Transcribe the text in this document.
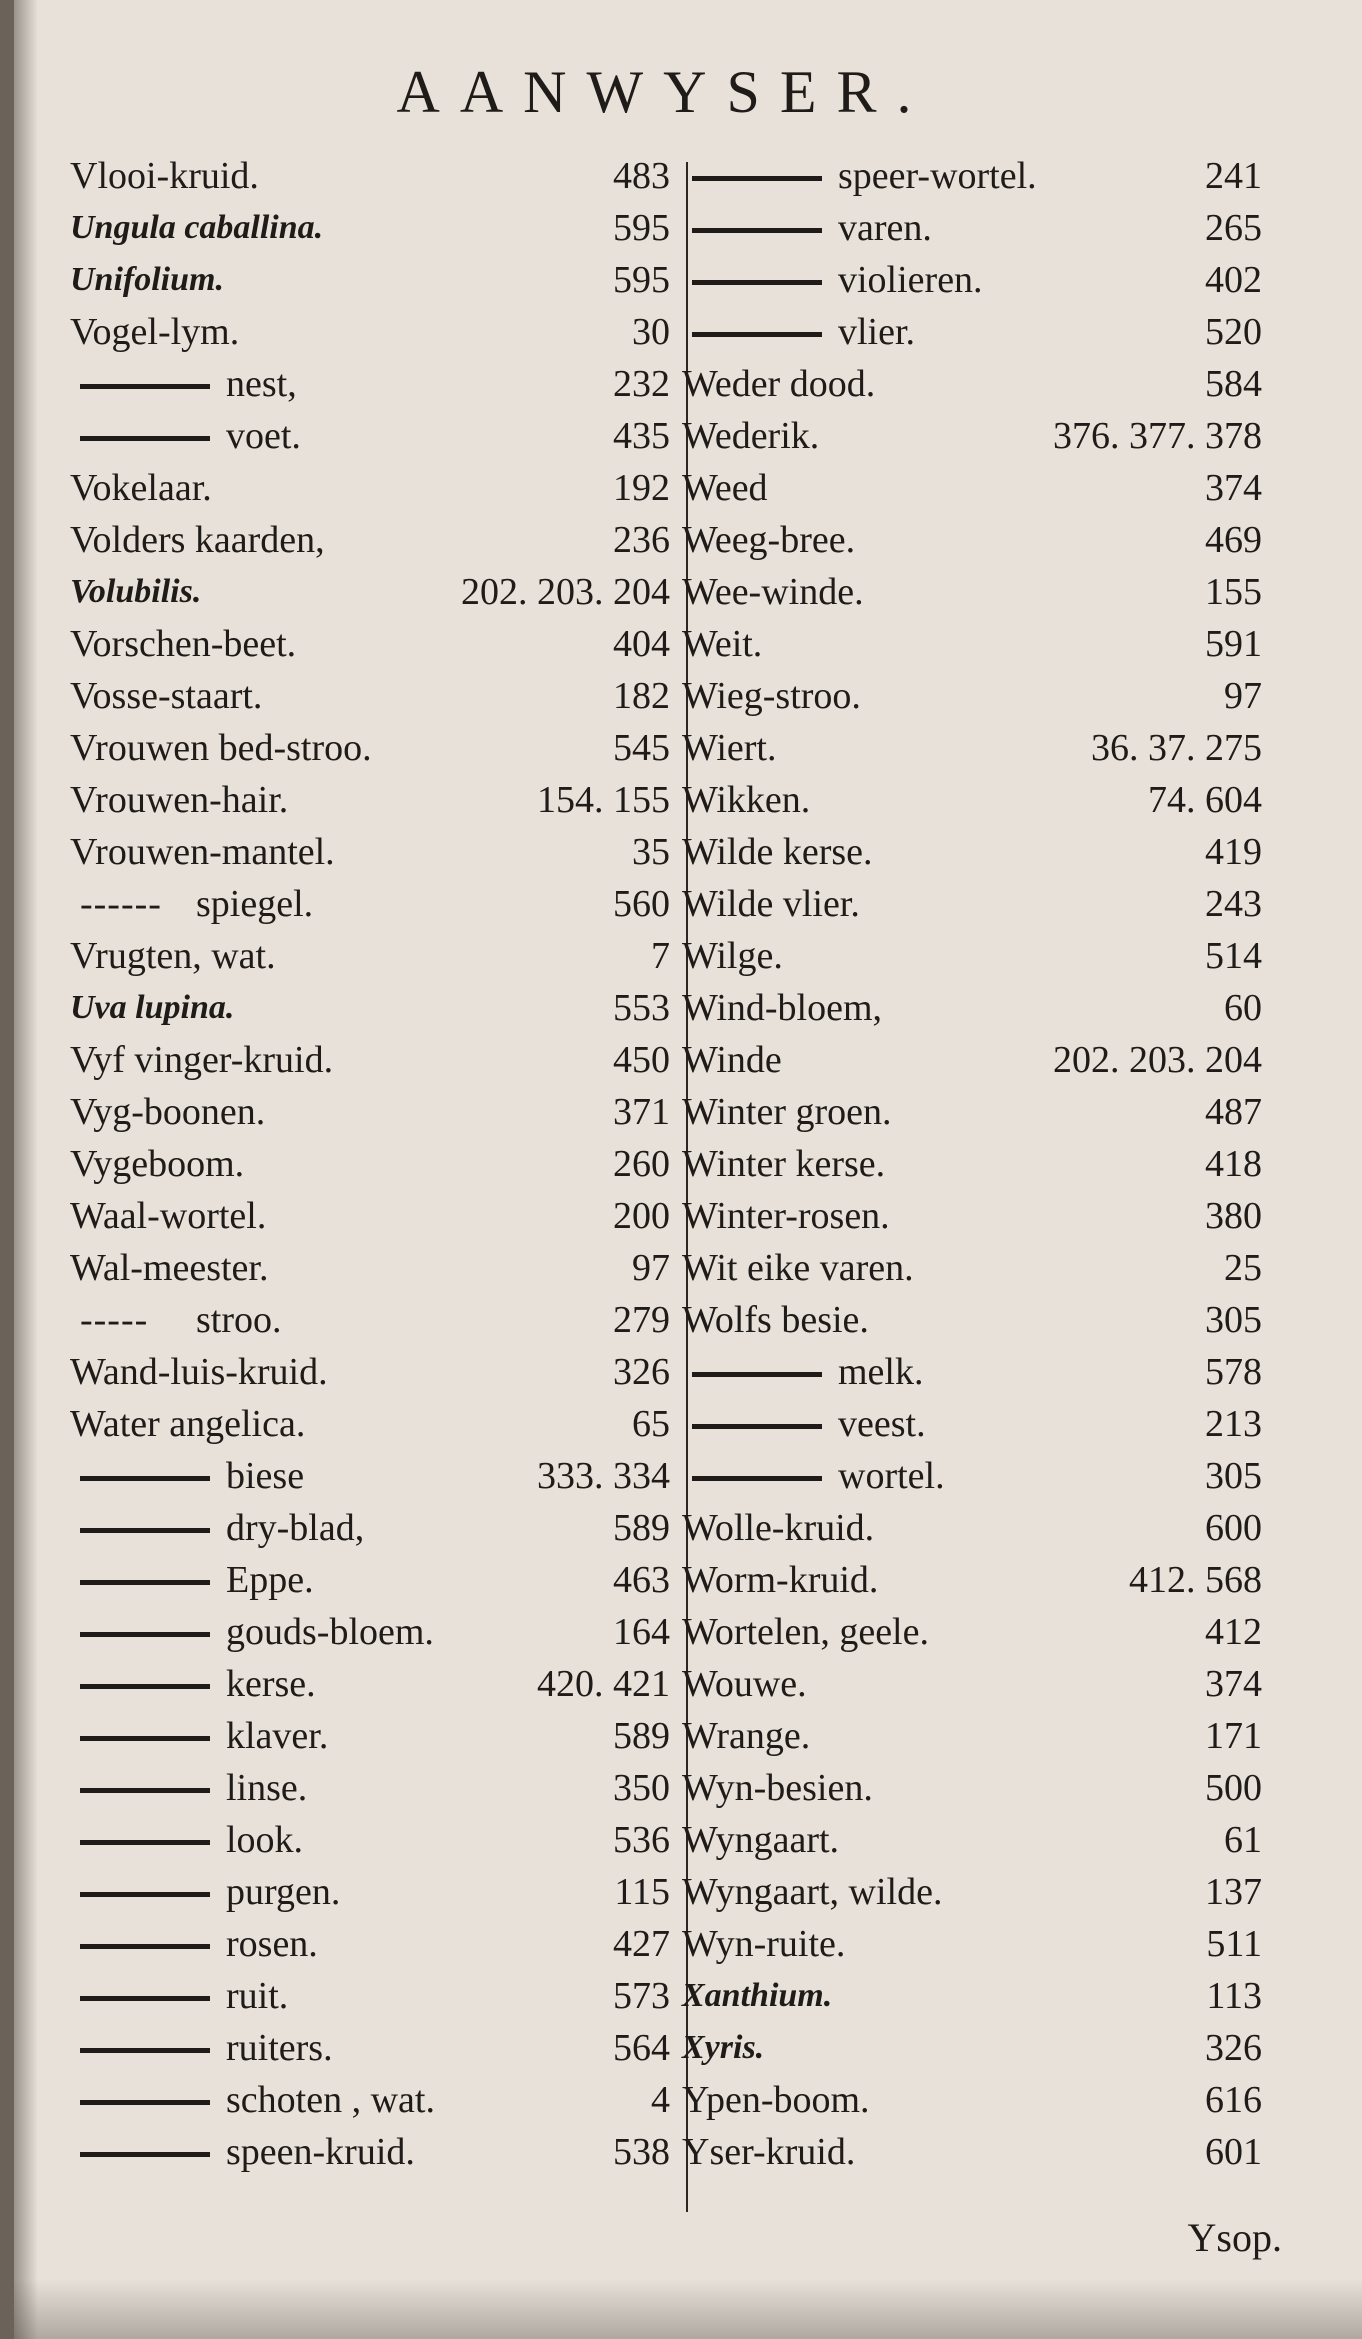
AANWYSER.
Vlooi-kruid.	483
Ungula caballina.	595
Unifolium.	595
Vogel-lym.	30
nest,	232
voet.	435
Vokelaar.	192
Volders kaarden,	236
Volubilis.	202. 203. 204
Vorschen-beet.	404
Vosse-staart.	182
Vrouwen bed-stroo.	545
Vrouwen-hair.	154. 155
Vrouwen-mantel.	35
------ spiegel.	560
Vrugten, wat.	7
Uva lupina.	553
Vyf vinger-kruid.	450
Vyg-boonen.	371
Vygeboom.	260
Waal-wortel.	200
Wal-meester.	97
----- stroo.	279
Wand-luis-kruid.	326
Water angelica.	65
biese	333. 334
dry-blad,	589
Eppe.	463
gouds-bloem.	164
kerse.	420. 421
klaver.	589
linse.	350
look.	536
purgen.	115
rosen.	427
ruit.	573
ruiters.	564
schoten , wat.	4
speen-kruid.	538
speer-wortel.	241
varen.	265
violieren.	402
vlier.	520
Weder dood.	584
Wederik.	376. 377. 378
Weed	374
Weeg-bree.	469
Wee-winde.	155
Weit.	591
Wieg-stroo.	97
Wiert.	36. 37. 275
Wikken.	74. 604
Wilde kerse.	419
Wilde vlier.	243
Wilge.	514
Wind-bloem,	60
Winde	202. 203. 204
Winter groen.	487
Winter kerse.	418
Winter-rosen.	380
Wit eike varen.	25
Wolfs besie.	305
melk.	578
veest.	213
wortel.	305
Wolle-kruid.	600
Worm-kruid.	412. 568
Wortelen, geele.	412
Wouwe.	374
Wrange.	171
Wyn-besien.	500
Wyngaart.	61
Wyngaart, wilde.	137
Wyn-ruite.	511
Xanthium.	113
Xyris.	326
Ypen-boom.	616
Yser-kruid.	601
Ysop.
